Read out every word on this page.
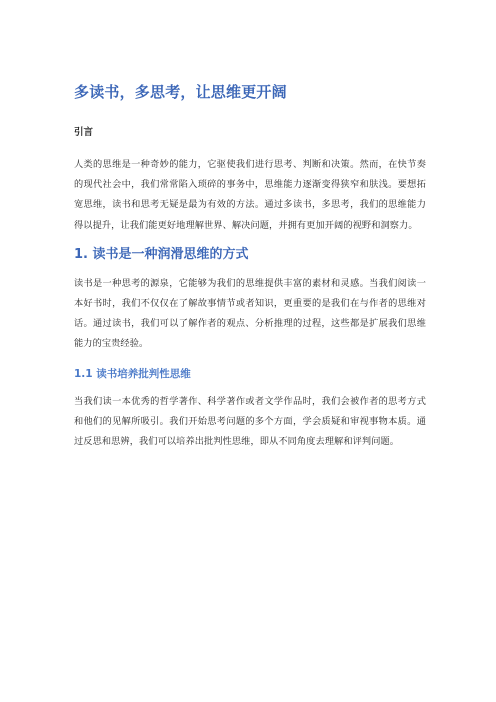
多读书，多思考，让思维更开阔
引言

人类的思维是一种奇妙的能力，它驱使我们进行思考、判断和决策。然而，在快节奏的现代社会中，我们常常陷入琐碎的事务中，思维能力逐渐变得狭窄和肤浅。要想拓宽思维，读书和思考无疑是最为有效的方法。通过多读书，多思考，我们的思维能力得以提升，让我们能更好地理解世界、解决问题，并拥有更加开阔的视野和洞察力。

1. 读书是一种润滑思维的方式

读书是一种思考的源泉，它能够为我们的思维提供丰富的素材和灵感。当我们阅读一本好书时，我们不仅仅在了解故事情节或者知识，更重要的是我们在与作者的思维对话。通过读书，我们可以了解作者的观点、分析推理的过程，这些都是扩展我们思维能力的宝贵经验。

1.1 读书培养批判性思维

当我们读一本优秀的哲学著作、科学著作或者文学作品时，我们会被作者的思考方式和他们的见解所吸引。我们开始思考问题的多个方面，学会质疑和审视事物本质。通过反思和思辨，我们可以培养出批判性思维，即从不同角度去理解和评判问题。
